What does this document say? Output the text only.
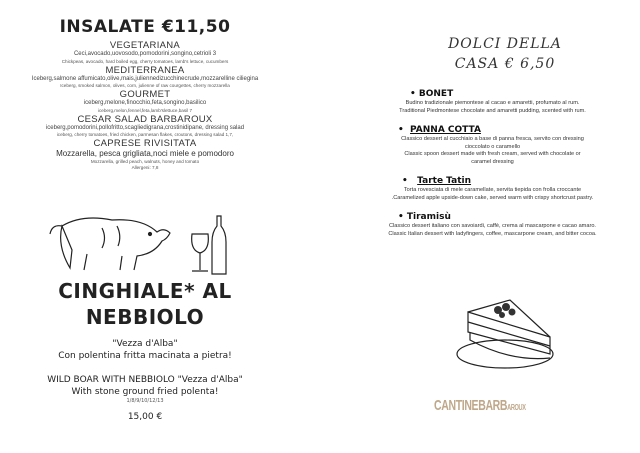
INSALATE €11,50
VEGETARIANA
Ceci,avocado,uovosodo,pomodorini,songino,cetrioli 3
Chickpeas, avocado, hard boiled egg, cherry tomatoes, lamb's lettuce, cucumbers
MEDITERRANEA
Iceberg,salmone affumicato,olive,mais,juliennedizucchinecrude,mozzarelline ciliegina
Iceberg, smoked salmon, olives, corn, julienne of raw courgettes, cherry mozzarella
GOURMET
iceberg,melone,finocchio,feta,songino,basilico
iceberg,melon,fennel,feta,lamb'slettuce,basil 7
CESAR SALAD BARBAROUX
iceberg,pomodorini,pollofritto,scagliedigrana,crostinidipane, dressing salad
iceberg, cherry tomatoes, fried chicken, parmesan flakes, croutons, dressing salad 1,7,
CAPRESE RIVISITATA
Mozzarella, pesca grigliata,noci miele e pomodoro
Mozzarella, grilled peach, walnuts, honey and tomato
Allergeni: 7,8
CINGHIALE* AL
NEBBIOLO
"Vezza d'Alba"
Con polentina fritta macinata a pietra!
WILD BOAR WITH NEBBIOLO "Vezza d'Alba"
With stone ground fried polenta!
1/8/9/10/12/13
15,00 €
DOLCI DELLA
CASA € 6,50
• BONET
Budino tradizionale piemontese al cacao e amaretti, profumato al rum.
Traditional Piedmontese chocolate and amaretti pudding, scented with rum.
•  PANNA COTTA
Classico dessert al cucchiaio a base di panna fresca, servito con dressing
cioccolato o caramello
Classic spoon dessert made with fresh cream, served with chocolate or
caramel dressing
•   Tarte Tatin
Torta rovesciata di mele caramellate, servita tiepida con frolla croccante
.Caramelized apple upside-down cake, served warm with crispy shortcrust pastry.
• Tiramisù
Classico dessert italiano con savoiardi, caffè, crema al mascarpone e cacao amaro.
Classic Italian dessert with ladyfingers, coffee, mascarpone cream, and bitter cocoa.
CANTINEBARBAROUX
